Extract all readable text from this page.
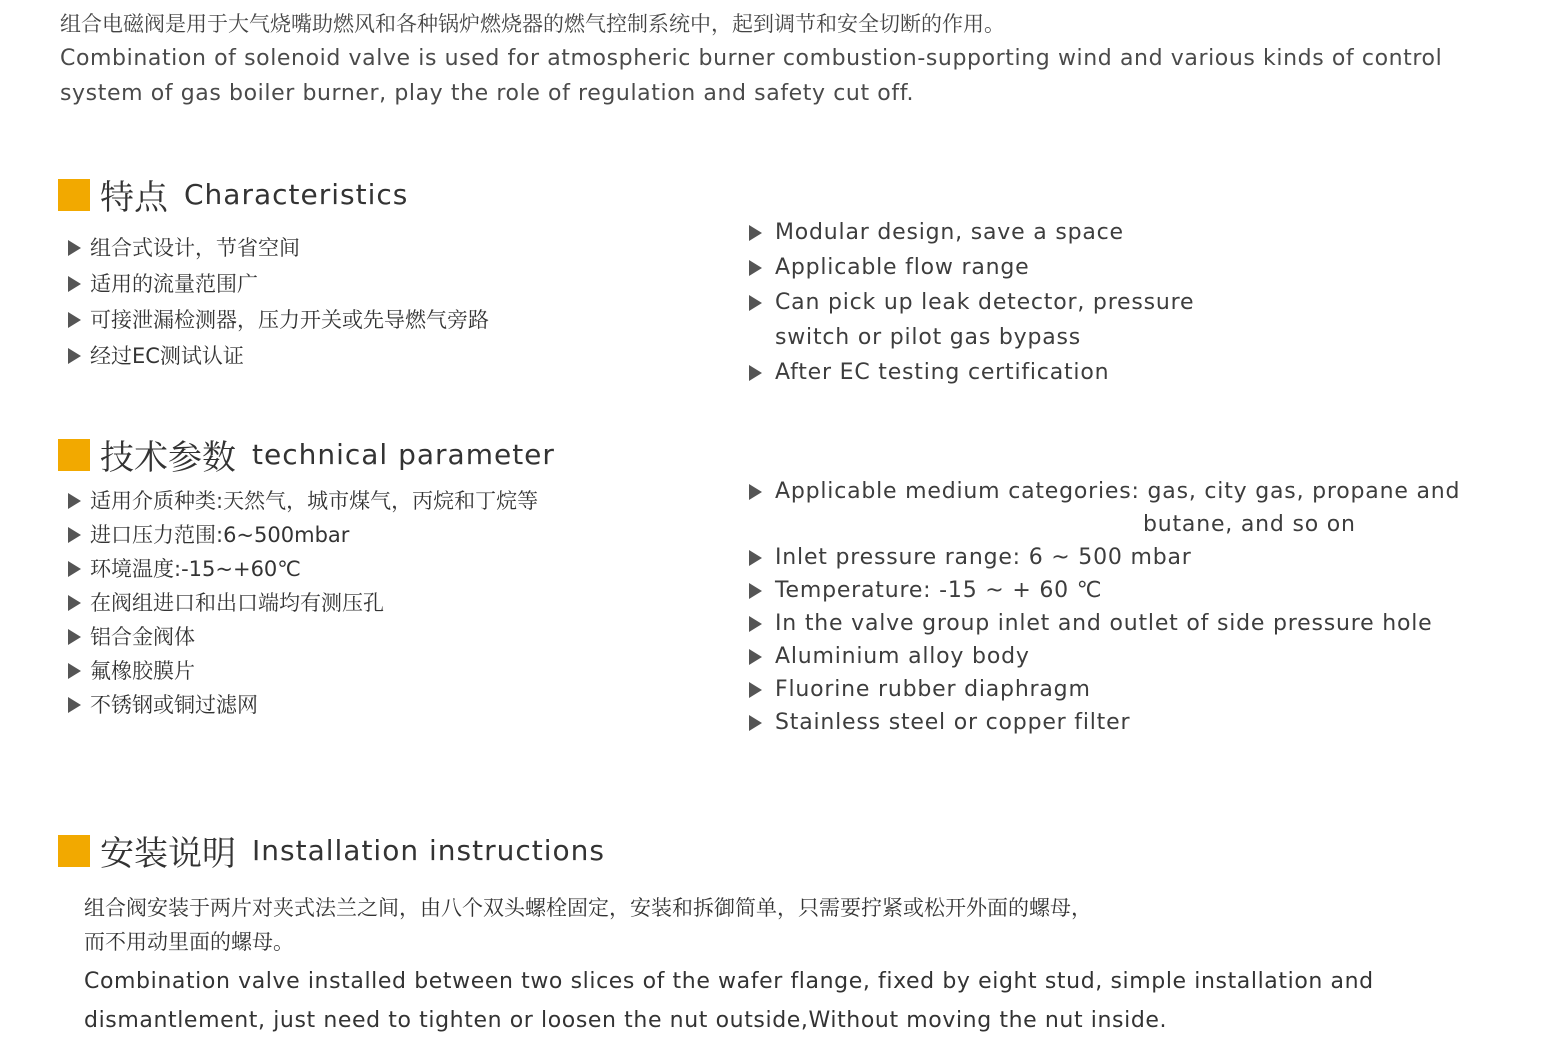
组合电磁阀是用于大气烧嘴助燃风和各种锅炉燃烧器的燃气控制系统中，起到调节和安全切断的作用。
Combination of solenoid valve is used for atmospheric burner combustion-supporting wind and various kinds of control
system of gas boiler burner, play the role of regulation and safety cut off.
特点 Characteristics
组合式设计，节省空间
适用的流量范围广
可接泄漏检测器，压力开关或先导燃气旁路
经过EC测试认证
Modular design, save a space
Applicable flow range
Can pick up leak detector, pressure
switch or pilot gas bypass
After EC testing certification
技术参数 technical parameter
适用介质种类:天然气，城市煤气，丙烷和丁烷等
进口压力范围:6~500mbar
环境温度:-15~+60℃
在阀组进口和出口端均有测压孔
铝合金阀体
氟橡胶膜片
不锈钢或铜过滤网
Applicable medium categories: gas, city gas, propane and
butane, and so on
Inlet pressure range: 6 ~ 500 mbar
Temperature: -15 ~ + 60 ℃
In the valve group inlet and outlet of side pressure hole
Aluminium alloy body
Fluorine rubber diaphragm
Stainless steel or copper filter
安装说明 Installation instructions
组合阀安装于两片对夹式法兰之间，由八个双头螺栓固定，安装和拆御简单，只需要拧紧或松开外面的螺母，
而不用动里面的螺母。
Combination valve installed between two slices of the wafer flange, fixed by eight stud, simple installation and
dismantlement, just need to tighten or loosen the nut outside,Without moving the nut inside.
